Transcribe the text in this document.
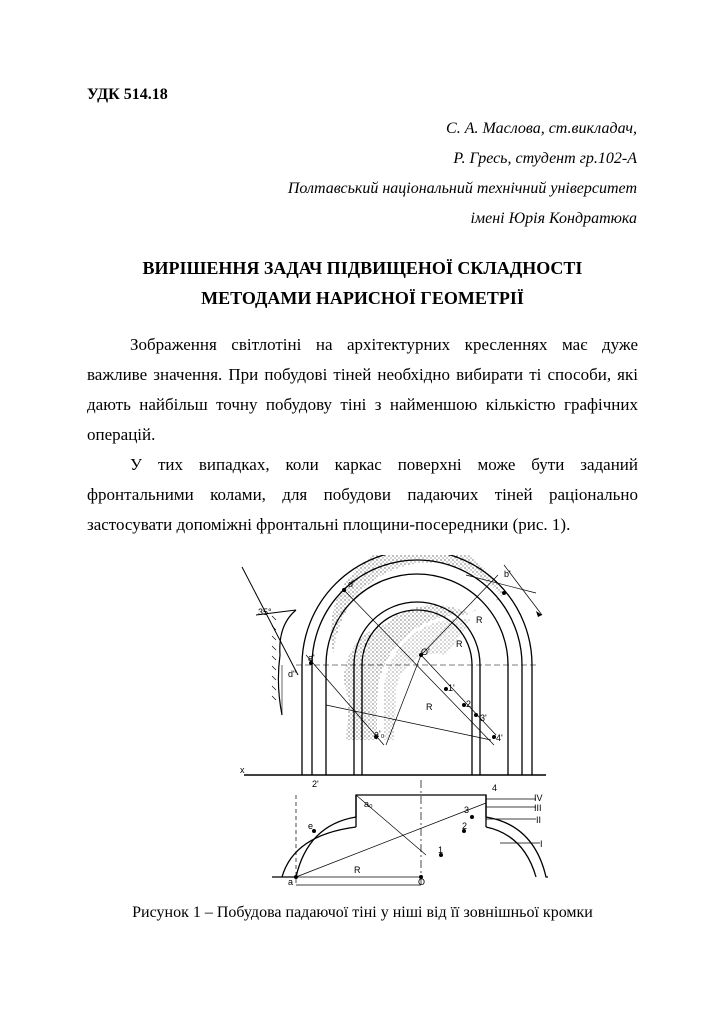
УДК 514.18
С. А. Маслова, ст.викладач,
Р. Гресь, студент гр.102-А
Полтавський національний технічний університет
імені Юрія Кондратюка
ВИРІШЕННЯ ЗАДАЧ ПІДВИЩЕНОЇ СКЛАДНОСТІ
МЕТОДАМИ НАРИСНОЇ ГЕОМЕТРІЇ

Зображення світлотіні на архітектурних кресленнях має дуже важливе значення. При побудові тіней необхідно вибирати ті способи, які дають найбільш точну побудову тіні з найменшою кількістю графічних операцій.

У тих випадках, коли каркас поверхні може бути заданий фронтальними колами, для побудови падаючих тіней раціонально застосувати допоміжні фронтальні площини-посередники (рис. 1).

x
35°
d''
d'
a'
a'₀
O'
b'
R
R
R
1'
2'
3'
4'
2'
a₀
e
a	O
R
1
2
3
4
I
II
III
IV
Рисунок 1 – Побудова падаючої тіні у ніші від її зовнішньої кромки
